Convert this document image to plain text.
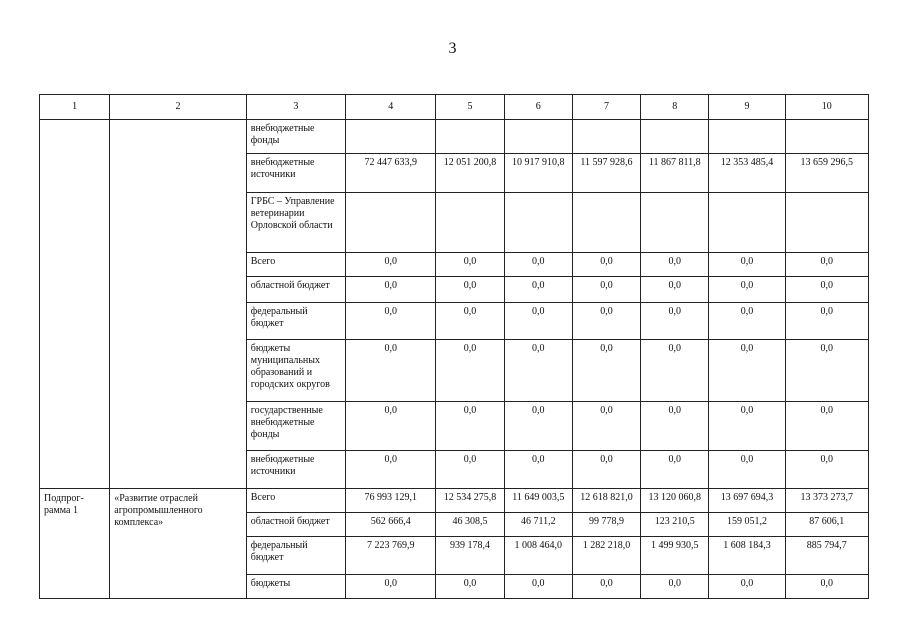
3
1	2	3	4	5	6	7	8	9	10
		внебюджетные фонды							
		внебюджетные источники	72 447 633,9	12 051 200,8	10 917 910,8	11 597 928,6	11 867 811,8	12 353 485,4	13 659 296,5
		ГРБС – Управление ветеринарии Орловской области							
		Всего	0,0	0,0	0,0	0,0	0,0	0,0	0,0
		областной бюджет	0,0	0,0	0,0	0,0	0,0	0,0	0,0
		федеральный бюджет	0,0	0,0	0,0	0,0	0,0	0,0	0,0
		бюджеты муниципальных образований и городских округов	0,0	0,0	0,0	0,0	0,0	0,0	0,0
		государственные внебюджетные фонды	0,0	0,0	0,0	0,0	0,0	0,0	0,0
		внебюджетные источники	0,0	0,0	0,0	0,0	0,0	0,0	0,0
Подпрог-
рамма 1	«Развитие отраслей агропромышленного комплекса»	Всего	76 993 129,1	12 534 275,8	11 649 003,5	12 618 821,0	13 120 060,8	13 697 694,3	13 373 273,7
		областной бюджет	562 666,4	46 308,5	46 711,2	99 778,9	123 210,5	159 051,2	87 606,1
		федеральный бюджет	7 223 769,9	939 178,4	1 008 464,0	1 282 218,0	1 499 930,5	1 608 184,3	885 794,7
		бюджеты	0,0	0,0	0,0	0,0	0,0	0,0	0,0
